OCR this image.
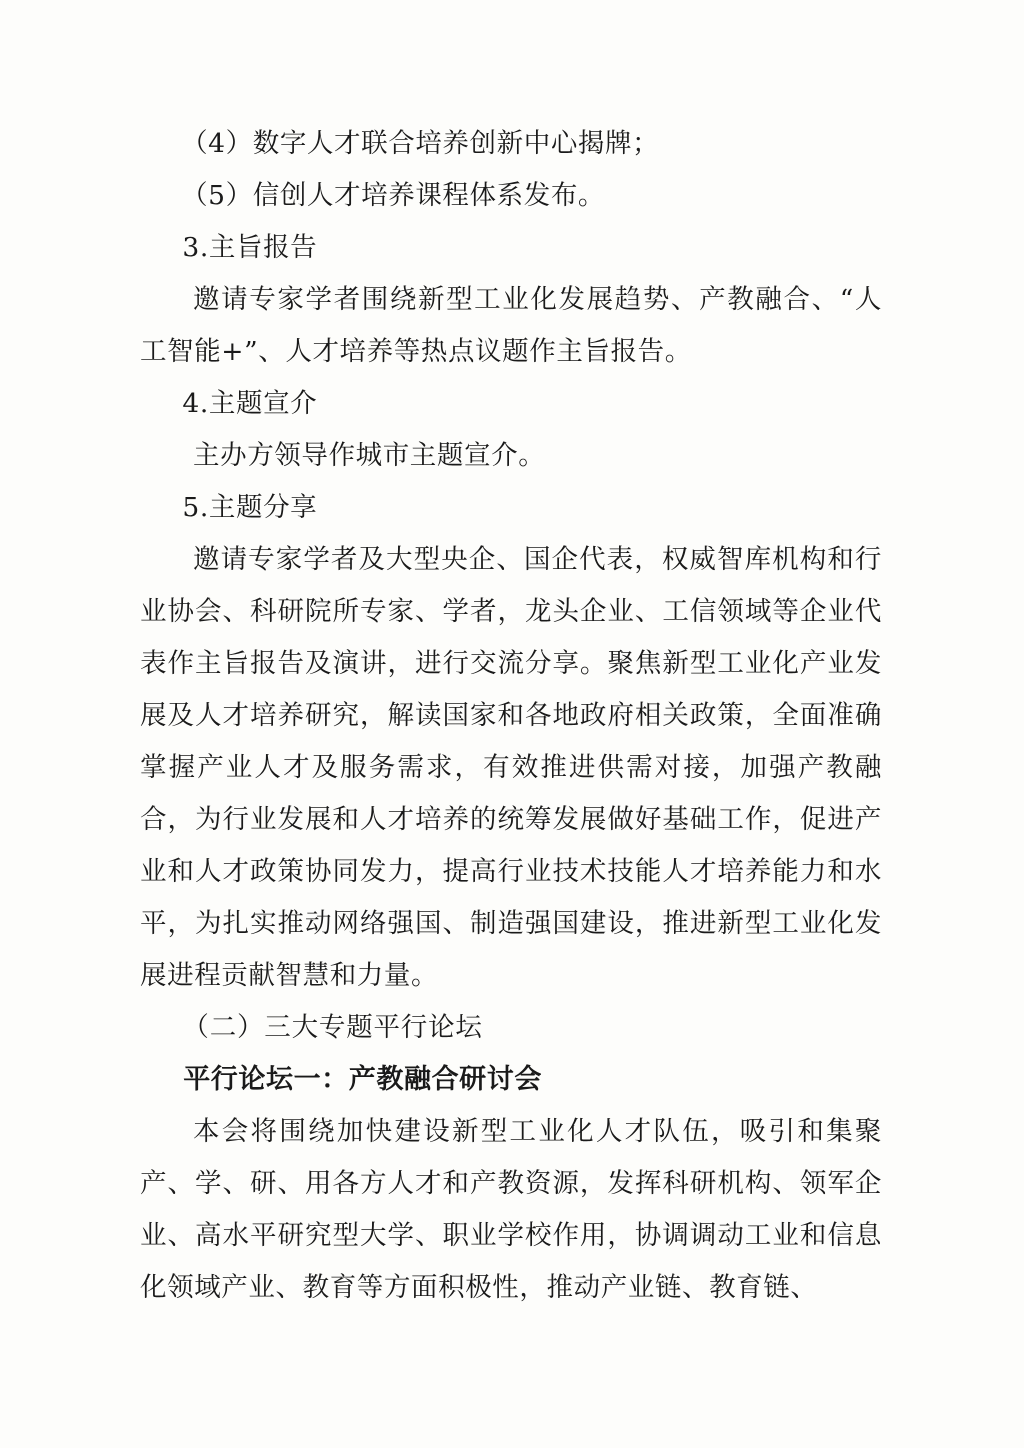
（4）数字人才联合培养创新中心揭牌；

（5）信创人才培养课程体系发布。

3.主旨报告

邀请专家学者围绕新型工业化发展趋势、产教融合、“人工智能+”、人才培养等热点议题作主旨报告。

4.主题宣介

主办方领导作城市主题宣介。

5.主题分享

邀请专家学者及大型央企、国企代表，权威智库机构和行业协会、科研院所专家、学者，龙头企业、工信领域等企业代表作主旨报告及演讲，进行交流分享。聚焦新型工业化产业发展及人才培养研究，解读国家和各地政府相关政策，全面准确掌握产业人才及服务需求，有效推进供需对接，加强产教融合，为行业发展和人才培养的统筹发展做好基础工作，促进产业和人才政策协同发力，提高行业技术技能人才培养能力和水平，为扎实推动网络强国、制造强国建设，推进新型工业化发展进程贡献智慧和力量。

（二）三大专题平行论坛

平行论坛一：产教融合研讨会

本会将围绕加快建设新型工业化人才队伍，吸引和集聚产、学、研、用各方人才和产教资源，发挥科研机构、领军企业、高水平研究型大学、职业学校作用，协调调动工业和信息化领域产业、教育等方面积极性，推动产业链、教育链、
